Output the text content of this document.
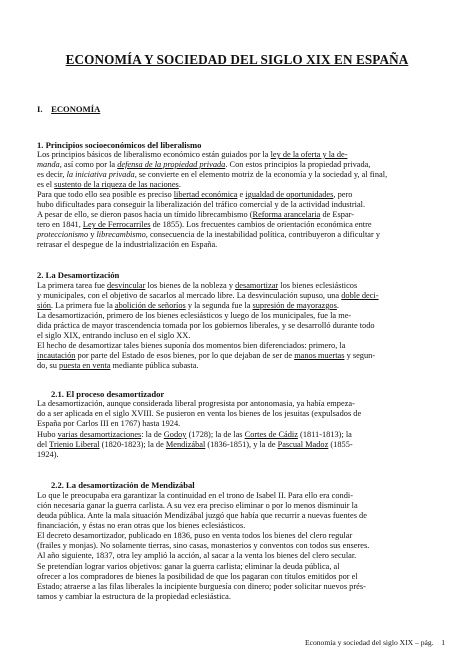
ECONOMÍA Y SOCIEDAD DEL SIGLO XIX EN ESPAÑA
I. ECONOMÍA
1. Principios socioeconómicos del liberalismo
2. La Desamortización
2.1. El proceso desamortizador
2.2. La desamortización de Mendizábal
Los principios básicos de liberalismo económico están guiados por la ley de la oferta y la de-
manda, así como por la defensa de la propiedad privada. Con estos principios la propiedad privada,
es decir, la iniciativa privada, se convierte en el elemento motriz de la economía y la sociedad y, al final,
es el sustento de la riqueza de las naciones.
Para que todo ello sea posible es preciso libertad económica e igualdad de oportunidades, pero
hubo dificultades para conseguir la liberalización del tráfico comercial y de la actividad industrial.
A pesar de ello, se dieron pasos hacia un tímido librecambismo (Reforma arancelaria de Espar-
tero en 1841, Ley de Ferrocarriles de 1855). Los frecuentes cambios de orientación económica entre
proteccionismo y librecambismo, consecuencia de la inestabilidad política, contribuyeron a dificultar y
retrasar el despegue de la industrialización en España.
La primera tarea fue desvincular los bienes de la nobleza y desamortizar los bienes eclesiásticos
y municipales, con el objetivo de sacarlos al mercado libre. La desvinculación supuso, una doble deci-
sión. La primera fue la abolición de señoríos y la segunda fue la supresión de mayorazgos.
La desamortización, primero de los bienes eclesiásticos y luego de los municipales, fue la me-
dida práctica de mayor trascendencia tomada por los gobiernos liberales, y se desarrolló durante todo
el siglo XIX, entrando incluso en el siglo XX.
El hecho de desamortizar tales bienes suponía dos momentos bien diferenciados: primero, la
incautación por parte del Estado de esos bienes, por lo que dejaban de ser de manos muertas y segun-
do, su puesta en venta mediante pública subasta.
La desamortización, aunque considerada liberal progresista por antonomasia, ya había empeza-
do a ser aplicada en el siglo XVIII. Se pusieron en venta los bienes de los jesuitas (expulsados de
España por Carlos III en 1767) hasta 1924.
Hubo varias desamortizaciones: la de Godoy (1728); la de las Cortes de Cádiz (1811-1813); la
del Trienio Liberal (1820-1823); la de Mendizábal (1836-1851), y la de Pascual Madoz (1855-
1924).
Lo que le preocupaba era garantizar la continuidad en el trono de Isabel II. Para ello era condi-
ción necesaria ganar la guerra carlista. A su vez era preciso eliminar o por lo menos disminuir la
deuda pública. Ante la mala situación Mendizábal juzgó que había que recurrir a nuevas fuentes de
financiación, y éstas no eran otras que los bienes eclesiásticos.
El decreto desamortizador, publicado en 1836, puso en venta todos los bienes del clero regular
(frailes y monjas). No solamente tierras, sino casas, monasterios y conventos con todos sus enseres.
Al año siguiente, 1837, otra ley amplió la acción, al sacar a la venta los bienes del clero secular.
Se pretendían lograr varios objetivos: ganar la guerra carlista; eliminar la deuda pública, al
ofrecer a los compradores de bienes la posibilidad de que los pagaran con títulos emitidos por el
Estado; atraerse a las filas liberales la incipiente burguesía con dinero; poder solicitar nuevos prés-
tamos y cambiar la estructura de la propiedad eclesiástica.
Economía y sociedad del siglo XIX – pág. 1
